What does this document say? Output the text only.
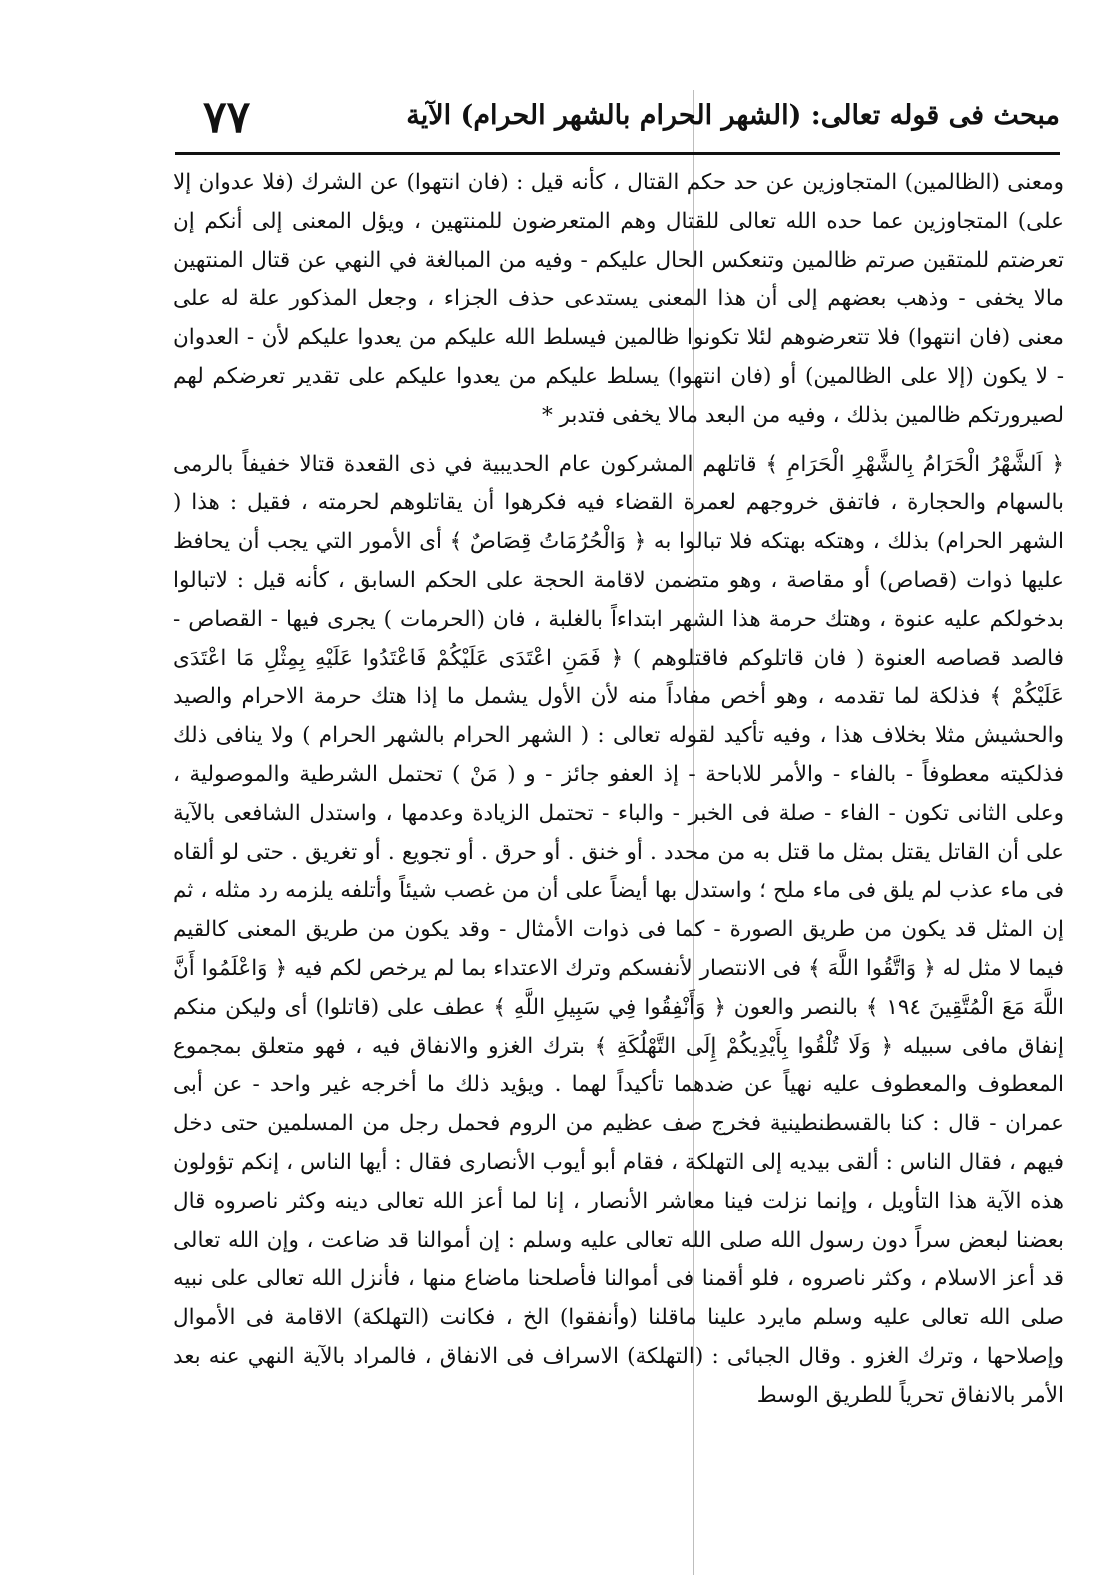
مبحث فى قوله تعالى: (الشهر الحرام بالشهر الحرام) الآية
٧٧

ومعنى (الظالمين) المتجاوزين عن حد حكم القتال ، كأنه قيل : (فان انتهوا) عن الشرك (فلا عدوان إلا على) المتجاوزين عما حده الله تعالى للقتال وهم المتعرضون للمنتهين ، ويؤل المعنى إلى أنكم إن تعرضتم للمتقين صرتم ظالمين وتنعكس الحال عليكم - وفيه من المبالغة في النهي عن قتال المنتهين مالا يخفى - وذهب بعضهم إلى أن هذا المعنى يستدعى حذف الجزاء ، وجعل المذكور علة له على معنى (فان انتهوا) فلا تتعرضوهم لئلا تكونوا ظالمين فيسلط الله عليكم من يعدوا عليكم لأن - العدوان - لا يكون (إلا على الظالمين) أو (فان انتهوا) يسلط عليكم من يعدوا عليكم على تقدير تعرضكم لهم لصيرورتكم ظالمين بذلك ، وفيه من البعد مالا يخفى فتدبر *

﴿ اَلشَّهْرُ الْحَرَامُ بِالشَّهْرِ الْحَرَامِ ﴾ قاتلهم المشركون عام الحديبية في ذى القعدة قتالا خفيفاً بالرمى بالسهام والحجارة ، فاتفق خروجهم لعمرة القضاء فيه فكرهوا أن يقاتلوهم لحرمته ، فقيل : هذا ( الشهر الحرام) بذلك ، وهتكه بهتكه فلا تبالوا به ﴿ وَالْحُرُمَاتُ قِصَاصٌ ﴾ أى الأمور التي يجب أن يحافظ عليها ذوات (قصاص) أو مقاصة ، وهو متضمن لاقامة الحجة على الحكم السابق ، كأنه قيل : لاتبالوا بدخولكم عليه عنوة ، وهتك حرمة هذا الشهر ابتداءاً بالغلبة ، فان (الحرمات ) يجرى فيها - القصاص - فالصد قصاصه العنوة ( فان قاتلوكم فاقتلوهم ) ﴿ فَمَنِ اعْتَدَى عَلَيْكُمْ فَاعْتَدُوا عَلَيْهِ بِمِثْلِ مَا اعْتَدَى عَلَيْكُمْ ﴾ فذلكة لما تقدمه ، وهو أخص مفاداً منه لأن الأول يشمل ما إذا هتك حرمة الاحرام والصيد والحشيش مثلا بخلاف هذا ، وفيه تأكيد لقوله تعالى : ( الشهر الحرام بالشهر الحرام ) ولا ينافى ذلك فذلكيته معطوفاً - بالفاء - والأمر للاباحة - إذ العفو جائز - و ( مَنْ ) تحتمل الشرطية والموصولية ، وعلى الثانى تكون - الفاء - صلة فى الخبر - والباء - تحتمل الزيادة وعدمها ، واستدل الشافعى بالآية على أن القاتل يقتل بمثل ما قتل به من محدد . أو خنق . أو حرق . أو تجويع . أو تغريق . حتى لو ألقاه فى ماء عذب لم يلق فى ماء ملح ؛ واستدل بها أيضاً على أن من غصب شيئاً وأتلفه يلزمه رد مثله ، ثم إن المثل قد يكون من طريق الصورة - كما فى ذوات الأمثال - وقد يكون من طريق المعنى كالقيم فيما لا مثل له ﴿ وَاتَّقُوا اللَّهَ ﴾ فى الانتصار لأنفسكم وترك الاعتداء بما لم يرخص لكم فيه ﴿ وَاعْلَمُوا أَنَّ اللَّهَ مَعَ الْمُتَّقِينَ ١٩٤ ﴾ بالنصر والعون ﴿ وَأَنْفِقُوا فِي سَبِيلِ اللَّهِ ﴾ عطف على (قاتلوا) أى وليكن منكم إنفاق مافى سبيله ﴿ وَلَا تُلْقُوا بِأَيْدِيكُمْ إِلَى التَّهْلُكَةِ ﴾ بترك الغزو والانفاق فيه ، فهو متعلق بمجموع المعطوف والمعطوف عليه نهياً عن ضدهما تأكيداً لهما . ويؤيد ذلك ما أخرجه غير واحد - عن أبى عمران - قال : كنا بالقسطنطينية فخرج صف عظيم من الروم فحمل رجل من المسلمين حتى دخل فيهم ، فقال الناس : ألقى بيديه إلى التهلكة ، فقام أبو أيوب الأنصارى فقال : أيها الناس ، إنكم تؤولون هذه الآية هذا التأويل ، وإنما نزلت فينا معاشر الأنصار ، إنا لما أعز الله تعالى دينه وكثر ناصروه قال بعضنا لبعض سراً دون رسول الله صلى الله تعالى عليه وسلم : إن أموالنا قد ضاعت ، وإن الله تعالى قد أعز الاسلام ، وكثر ناصروه ، فلو أقمنا فى أموالنا فأصلحنا ماضاع منها ، فأنزل الله تعالى على نبيه صلى الله تعالى عليه وسلم مايرد علينا ماقلنا (وأنفقوا) الخ ، فكانت (التهلكة) الاقامة فى الأموال وإصلاحها ، وترك الغزو . وقال الجبائى : (التهلكة) الاسراف فى الانفاق ، فالمراد بالآية النهي عنه بعد الأمر بالانفاق تحرياً للطريق الوسط
